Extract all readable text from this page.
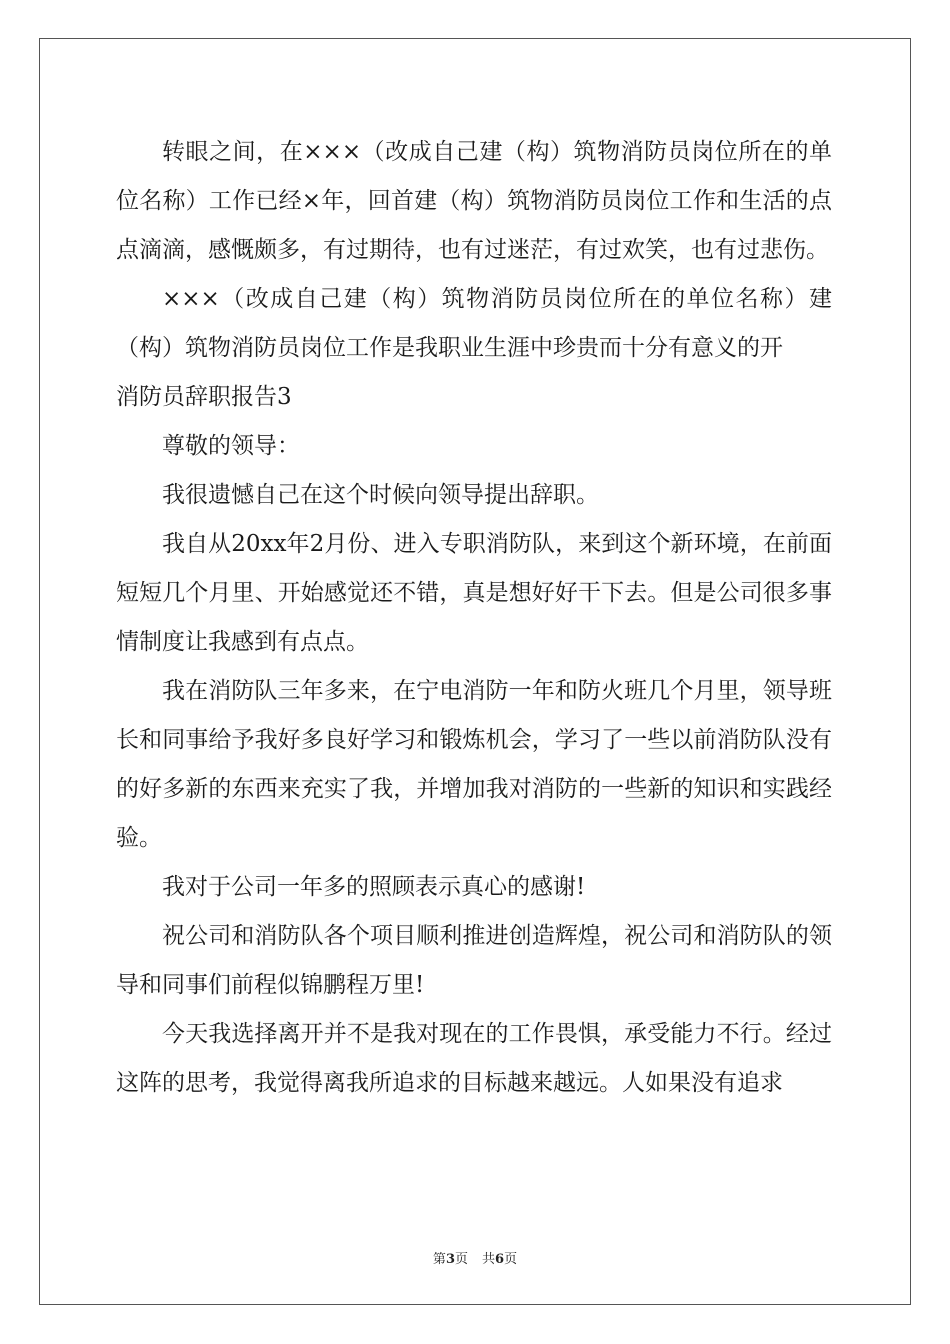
转眼之间，在×××（改成自己建（构）筑物消防员岗位所在的单位名称）工作已经×年，回首建（构）筑物消防员岗位工作和生活的点点滴滴，感慨颇多，有过期待，也有过迷茫，有过欢笑，也有过悲伤。

×××（改成自己建（构）筑物消防员岗位所在的单位名称）建（构）筑物消防员岗位工作是我职业生涯中珍贵而十分有意义的开

消防员辞职报告3

尊敬的领导：

我很遗憾自己在这个时候向领导提出辞职。

我自从20xx年2月份、进入专职消防队，来到这个新环境，在前面短短几个月里、开始感觉还不错，真是想好好干下去。但是公司很多事情制度让我感到有点点。

我在消防队三年多来，在宁电消防一年和防火班几个月里，领导班长和同事给予我好多良好学习和锻炼机会，学习了一些以前消防队没有的好多新的东西来充实了我，并增加我对消防的一些新的知识和实践经验。

我对于公司一年多的照顾表示真心的感谢!

祝公司和消防队各个项目顺利推进创造辉煌，祝公司和消防队的领导和同事们前程似锦鹏程万里!

今天我选择离开并不是我对现在的工作畏惧，承受能力不行。经过这阵的思考，我觉得离我所追求的目标越来越远。人如果没有追求

第3页 共6页
